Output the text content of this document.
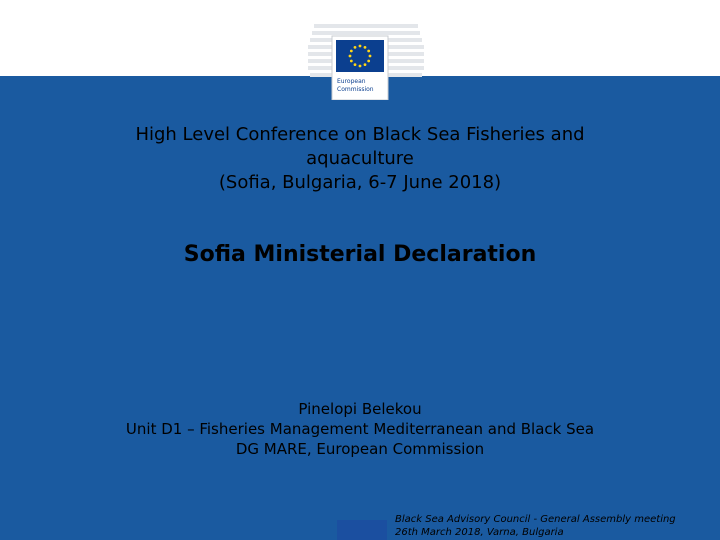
European
Commission
High Level Conference on Black Sea Fisheries and
aquaculture
(Sofia, Bulgaria, 6-7 June 2018)
Sofia Ministerial Declaration
Pinelopi Belekou
Unit D1 – Fisheries Management Mediterranean and Black Sea
DG MARE, European Commission
Black Sea Advisory Council - General Assembly meeting
26th March 2018, Varna, Bulgaria
